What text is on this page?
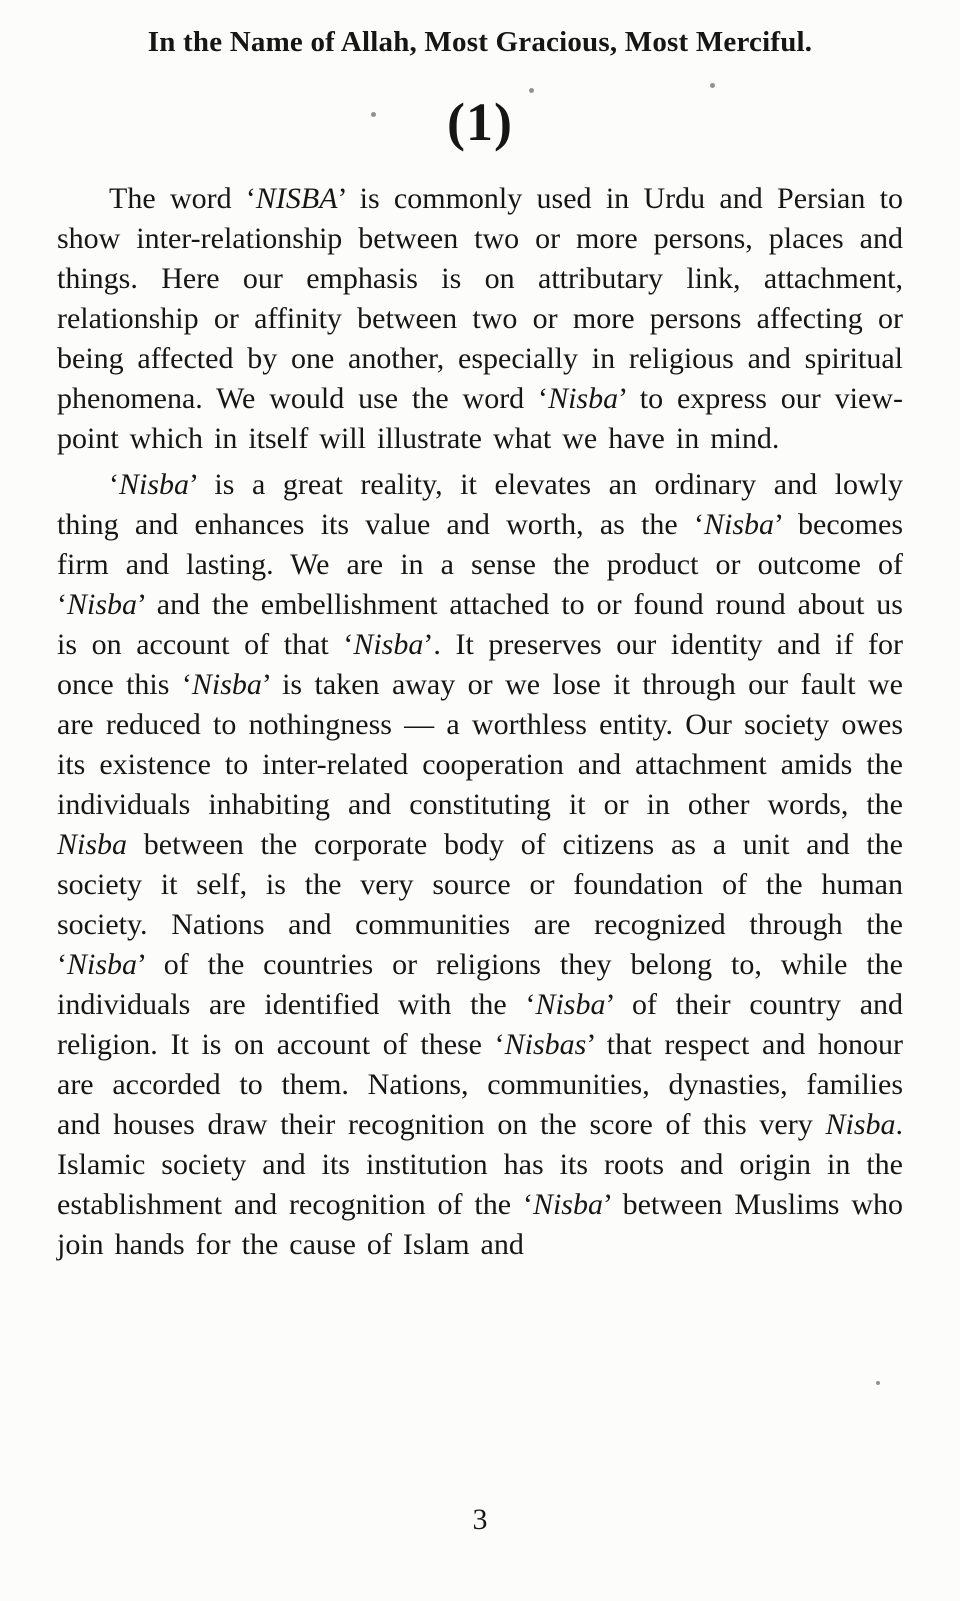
In the Name of Allah, Most Gracious, Most Merciful.
(1)

The word ‘NISBA’ is commonly used in Urdu and Persian to show inter-relationship between two or more persons, places and things. Here our emphasis is on attributary link, attachment, relationship or affinity between two or more persons affecting or being affected by one another, especially in religious and spiritual phenomena. We would use the word ‘Nisba’ to express our view-point which in itself will illustrate what we have in mind.

‘Nisba’ is a great reality, it elevates an ordinary and lowly thing and enhances its value and worth, as the ‘Nisba’ becomes firm and lasting. We are in a sense the product or outcome of ‘Nisba’ and the embellishment attached to or found round about us is on account of that ‘Nisba’. It preserves our identity and if for once this ‘Nisba’ is taken away or we lose it through our fault we are reduced to nothingness — a worthless entity. Our society owes its existence to inter-related cooperation and attachment amids the individuals inhabiting and constituting it or in other words, the Nisba between the corporate body of citizens as a unit and the society it self, is the very source or foundation of the human society. Nations and communities are recognized through the ‘Nisba’ of the countries or religions they belong to, while the individuals are identified with the ‘Nisba’ of their country and religion. It is on account of these ‘Nisbas’ that respect and honour are accorded to them. Nations, communities, dynasties, families and houses draw their recognition on the score of this very Nisba. Islamic society and its institution has its roots and origin in the establishment and recognition of the ‘Nisba’ between Muslims who join hands for the cause of Islam and

3
